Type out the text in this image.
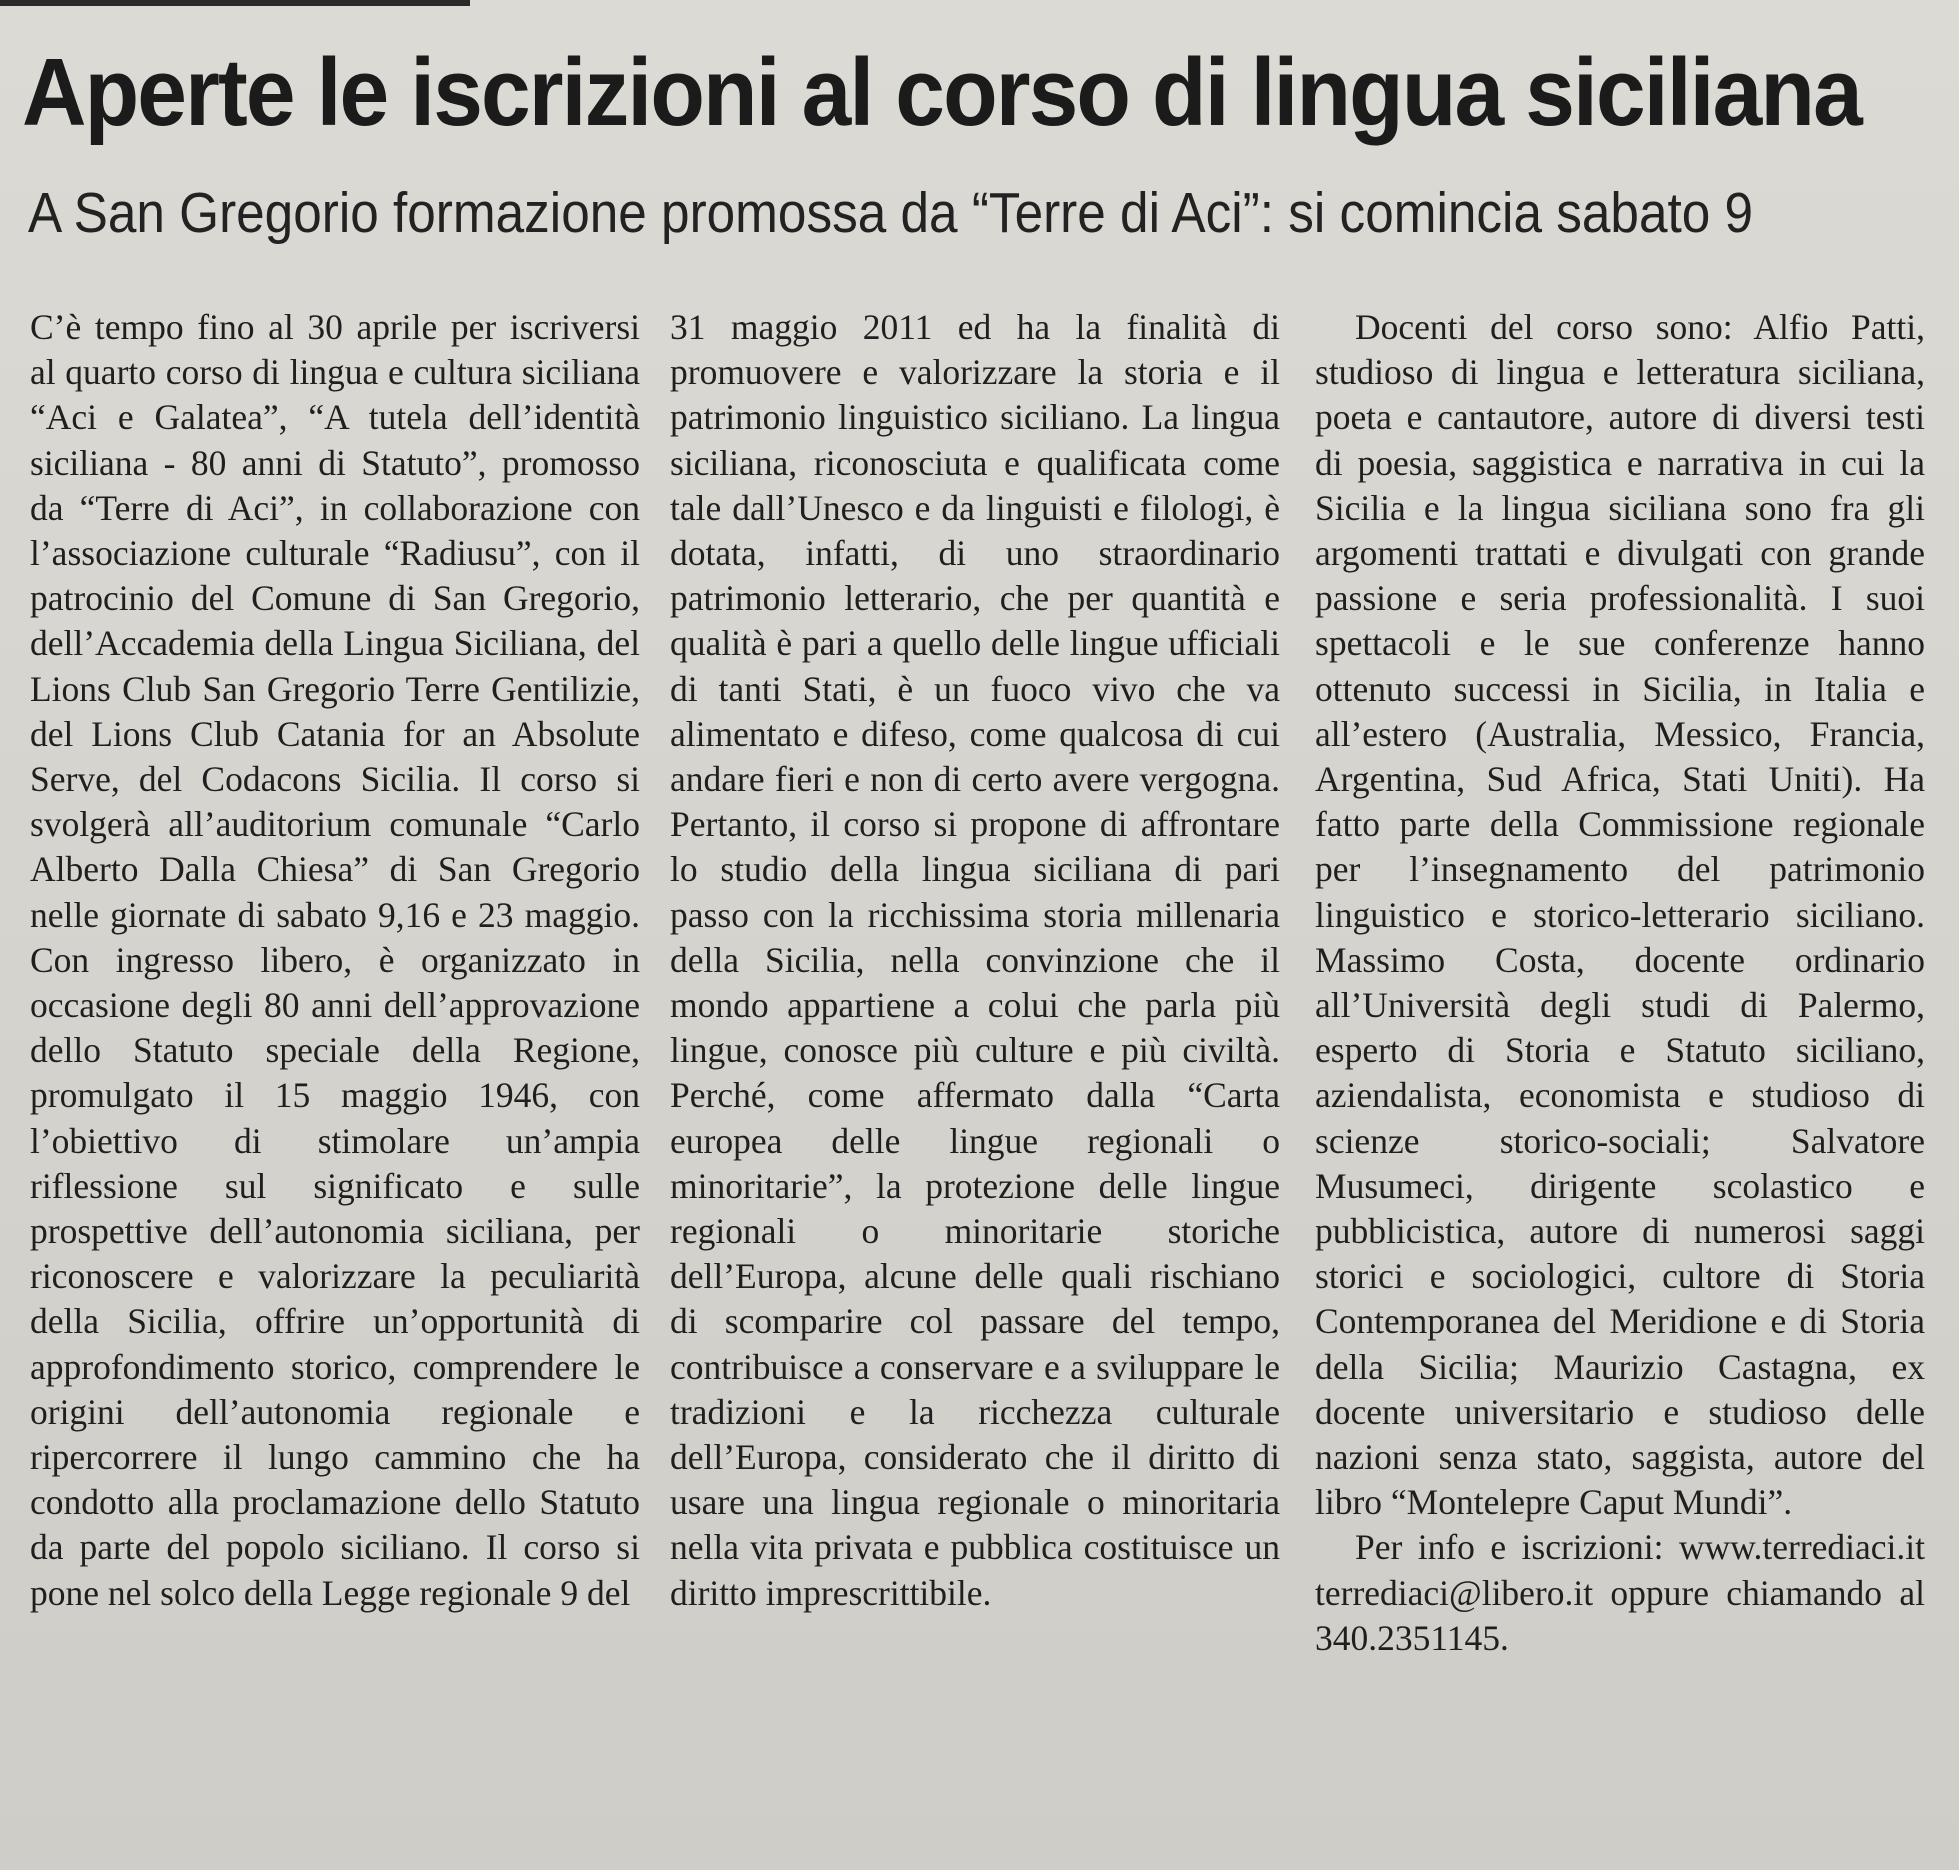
Aperte le iscrizioni al corso di lingua siciliana
A San Gregorio formazione promossa da “Terre di Aci”: si comincia sabato 9

C’è tempo fino al 30 aprile per iscriversi al quarto corso di lingua e cultura siciliana “Aci e Galatea”, “A tutela dell’identità siciliana - 80 anni di Statuto”, promosso da “Terre di Aci”, in collaborazione con l’associazione culturale “Radiusu”, con il patrocinio del Comune di San Gregorio, dell’Accademia della Lingua Siciliana, del Lions Club San Gregorio Terre Gentilizie, del Lions Club Catania for an Absolute Serve, del Codacons Sicilia. Il corso si svolgerà all’auditorium comunale “Carlo Alberto Dalla Chiesa” di San Gregorio nelle giornate di sabato 9,16 e 23 maggio. Con ingresso libero, è organizzato in occasione degli 80 anni dell’approvazione dello Statuto speciale della Regione, promulgato il 15 maggio 1946, con l’obiettivo di stimolare un’ampia riflessione sul significato e sulle prospettive dell’autonomia siciliana, per riconoscere e valorizzare la peculiarità della Sicilia, offrire un’opportunità di approfondimento storico, comprendere le origini dell’autonomia regionale e ripercorrere il lungo cammino che ha condotto alla proclamazione dello Statuto da parte del popolo siciliano. Il corso si pone nel solco della Legge regionale 9 del

31 maggio 2011 ed ha la finalità di promuovere e valorizzare la storia e il patrimonio linguistico siciliano. La lingua siciliana, riconosciuta e qualificata come tale dall’Unesco e da linguisti e filologi, è dotata, infatti, di uno straordinario patrimonio letterario, che per quantità e qualità è pari a quello delle lingue ufficiali di tanti Stati, è un fuoco vivo che va alimentato e difeso, come qualcosa di cui andare fieri e non di certo avere vergogna. Pertanto, il corso si propone di affrontare lo studio della lingua siciliana di pari passo con la ricchissima storia millenaria della Sicilia, nella convinzione che il mondo appartiene a colui che parla più lingue, conosce più culture e più civiltà. Perché, come affermato dalla “Carta europea delle lingue regionali o minoritarie”, la protezione delle lingue regionali o minoritarie storiche dell’Europa, alcune delle quali rischiano di scomparire col passare del tempo, contribuisce a conservare e a sviluppare le tradizioni e la ricchezza culturale dell’Europa, considerato che il diritto di usare una lingua regionale o minoritaria nella vita privata e pubblica costituisce un diritto imprescrittibile.

Docenti del corso sono: Alfio Patti, studioso di lingua e letteratura siciliana, poeta e cantautore, autore di diversi testi di poesia, saggistica e narrativa in cui la Sicilia e la lingua siciliana sono fra gli argomenti trattati e divulgati con grande passione e seria professionalità. I suoi spettacoli e le sue conferenze hanno ottenuto successi in Sicilia, in Italia e all’estero (Australia, Messico, Francia, Argentina, Sud Africa, Stati Uniti). Ha fatto parte della Commissione regionale per l’insegnamento del patrimonio linguistico e storico-letterario siciliano. Massimo Costa, docente ordinario all’Università degli studi di Palermo, esperto di Storia e Statuto siciliano, aziendalista, economista e studioso di scienze storico-sociali; Salvatore Musumeci, dirigente scolastico e pubblicistica, autore di numerosi saggi storici e sociologici, cultore di Storia Contemporanea del Meridione e di Storia della Sicilia; Maurizio Castagna, ex docente universitario e studioso delle nazioni senza stato, saggista, autore del libro “Montelepre Caput Mundi”.

Per info e iscrizioni: www.terrediaci.it terrediaci@libero.it oppure chiamando al 340.2351145.
